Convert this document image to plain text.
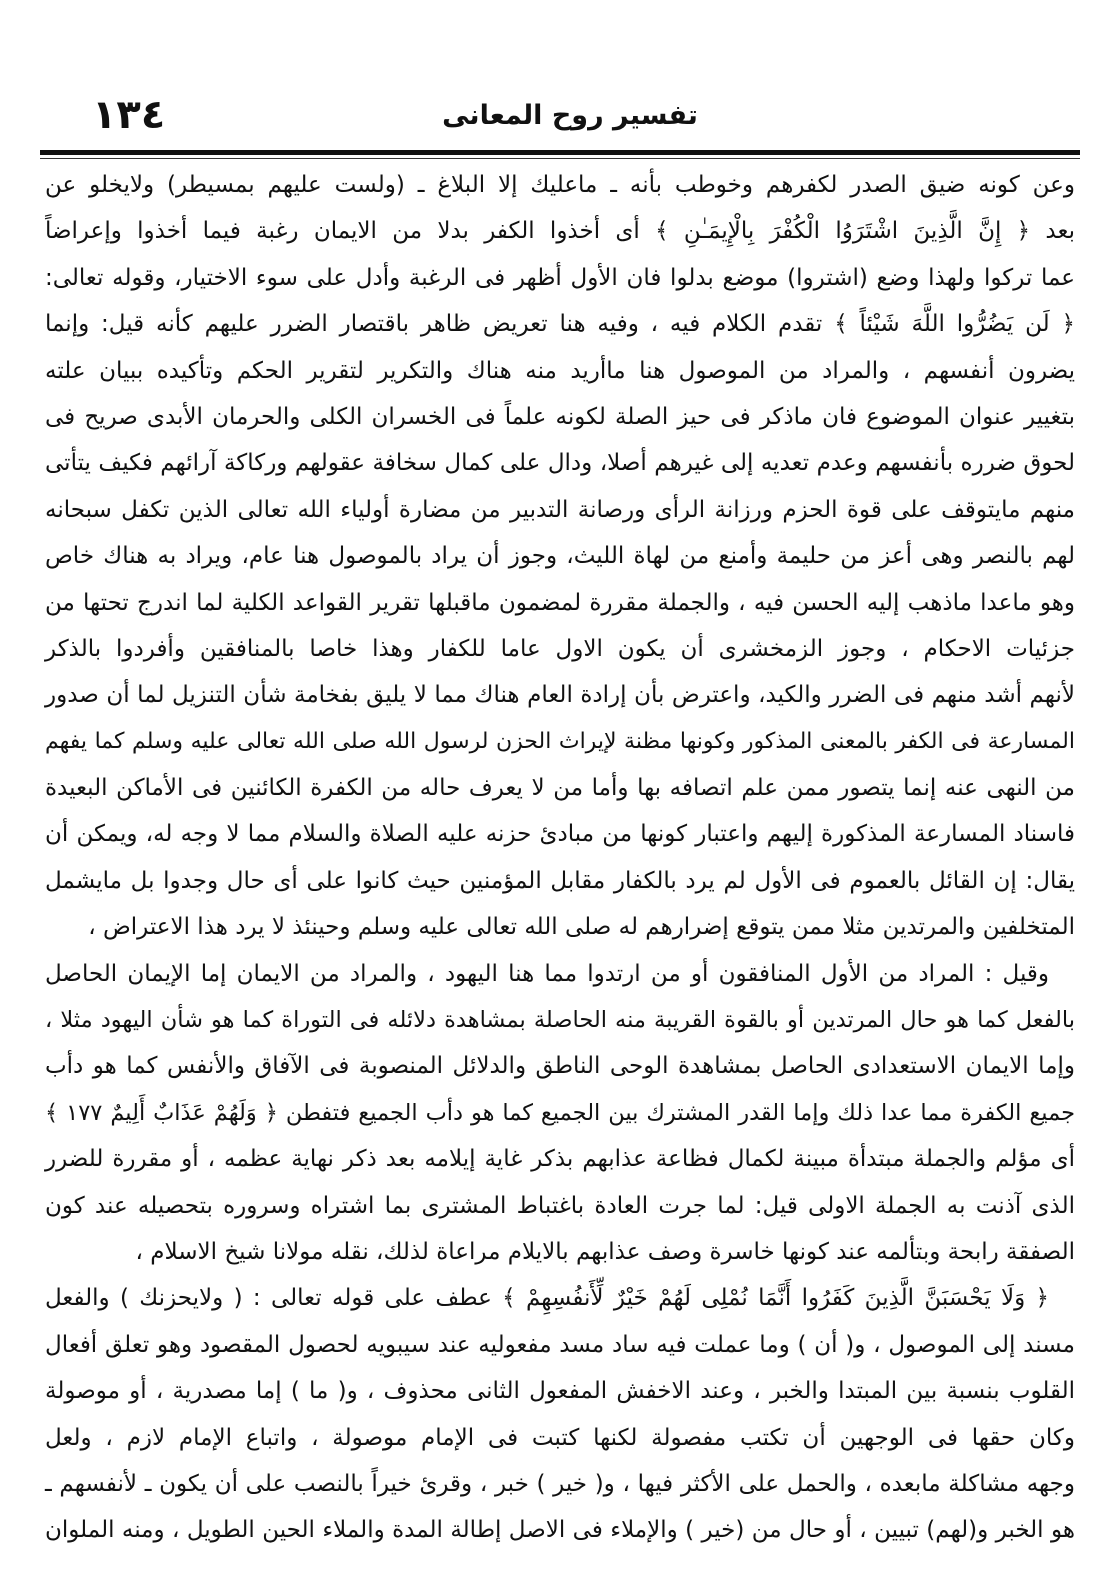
١٣٤	تفسير روح المعانى
وعن كونه ضيق الصدر لكفرهم وخوطب بأنه ـ ماعليك إلا البلاغ ـ (ولست عليهم بمسيطر) ولايخلو عن
بعد ﴿ إِنَّ الَّذِينَ اشْتَرَوُا الْكُفْرَ بِالْإِيمَـٰنِ ﴾ أى أخذوا الكفر بدلا من الايمان رغبة فيما أخذوا وإعراضاً
عما تركوا ولهذا وضع (اشتروا) موضع بدلوا فان الأول أظهر فى الرغبة وأدل على سوء الاختيار، وقوله تعالى:
﴿ لَن يَضُرُّوا اللَّهَ شَيْئاً ﴾ تقدم الكلام فيه ، وفيه هنا تعريض ظاهر باقتصار الضرر عليهم كأنه قيل: وإنما
يضرون أنفسهم ، والمراد من الموصول هنا ماأريد منه هناك والتكرير لتقرير الحكم وتأكيده ببيان علته
بتغيير عنوان الموضوع فان ماذكر فى حيز الصلة لكونه علماً فى الخسران الكلى والحرمان الأبدى صريح فى
لحوق ضرره بأنفسهم وعدم تعديه إلى غيرهم أصلا، ودال على كمال سخافة عقولهم وركاكة آرائهم فكيف يتأتى
منهم مايتوقف على قوة الحزم ورزانة الرأى ورصانة التدبير من مضارة أولياء الله تعالى الذين تكفل سبحانه
لهم بالنصر وهى أعز من حليمة وأمنع من لهاة الليث، وجوز أن يراد بالموصول هنا عام، ويراد به هناك خاص
وهو ماعدا ماذهب إليه الحسن فيه ، والجملة مقررة لمضمون ماقبلها تقرير القواعد الكلية لما اندرج تحتها من
جزئيات الاحكام ، وجوز الزمخشرى أن يكون الاول عاما للكفار وهذا خاصا بالمنافقين وأفردوا بالذكر
لأنهم أشد منهم فى الضرر والكيد، واعترض بأن إرادة العام هناك مما لا يليق بفخامة شأن التنزيل لما أن صدور
المسارعة فى الكفر بالمعنى المذكور وكونها مظنة لإيراث الحزن لرسول الله صلى الله تعالى عليه وسلم كما يفهم
من النهى عنه إنما يتصور ممن علم اتصافه بها وأما من لا يعرف حاله من الكفرة الكائنين فى الأماكن البعيدة
فاسناد المسارعة المذكورة إليهم واعتبار كونها من مبادئ حزنه عليه الصلاة والسلام مما لا وجه له، ويمكن أن
يقال: إن القائل بالعموم فى الأول لم يرد بالكفار مقابل المؤمنين حيث كانوا على أى حال وجدوا بل مايشمل
المتخلفين والمرتدين مثلا ممن يتوقع إضرارهم له صلى الله تعالى عليه وسلم وحينئذ لا يرد هذا الاعتراض ،
وقيل : المراد من الأول المنافقون أو من ارتدوا مما هنا اليهود ، والمراد من الايمان إما الإيمان الحاصل
بالفعل كما هو حال المرتدين أو بالقوة القريبة منه الحاصلة بمشاهدة دلائله فى التوراة كما هو شأن اليهود مثلا ،
وإما الايمان الاستعدادى الحاصل بمشاهدة الوحى الناطق والدلائل المنصوبة فى الآفاق والأنفس كما هو دأب
جميع الكفرة مما عدا ذلك وإما القدر المشترك بين الجميع كما هو دأب الجميع فتفطن ﴿ وَلَهُمْ عَذَابٌ أَلِيمٌ ١٧٧ ﴾
أى مؤلم والجملة مبتدأة مبينة لكمال فظاعة عذابهم بذكر غاية إيلامه بعد ذكر نهاية عظمه ، أو مقررة للضرر
الذى آذنت به الجملة الاولى قيل: لما جرت العادة باغتباط المشترى بما اشتراه وسروره بتحصيله عند كون
الصفقة رابحة وبتألمه عند كونها خاسرة وصف عذابهم بالايلام مراعاة لذلك، نقله مولانا شيخ الاسلام ،
﴿ وَلَا يَحْسَبَنَّ الَّذِينَ كَفَرُوا أَنَّمَا نُمْلِى لَهُمْ خَيْرٌ لِّأَنفُسِهِمْ ﴾ عطف على قوله تعالى : ( ولايحزنك ) والفعل
مسند إلى الموصول ، و( أن ) وما عملت فيه ساد مسد مفعوليه عند سيبويه لحصول المقصود وهو تعلق أفعال
القلوب بنسبة بين المبتدا والخبر ، وعند الاخفش المفعول الثانى محذوف ، و( ما ) إما مصدرية ، أو موصولة
وكان حقها فى الوجهين أن تكتب مفصولة لكنها كتبت فى الإمام موصولة ، واتباع الإمام لازم ، ولعل
وجهه مشاكلة مابعده ، والحمل على الأكثر فيها ، و( خير ) خبر ، وقرئ خيراً بالنصب على أن يكون ـ لأنفسهم ـ
هو الخبر و(لهم) تبيين ، أو حال من (خير ) والإملاء فى الاصل إطالة المدة والملاء الحين الطويل ، ومنه الملوان
